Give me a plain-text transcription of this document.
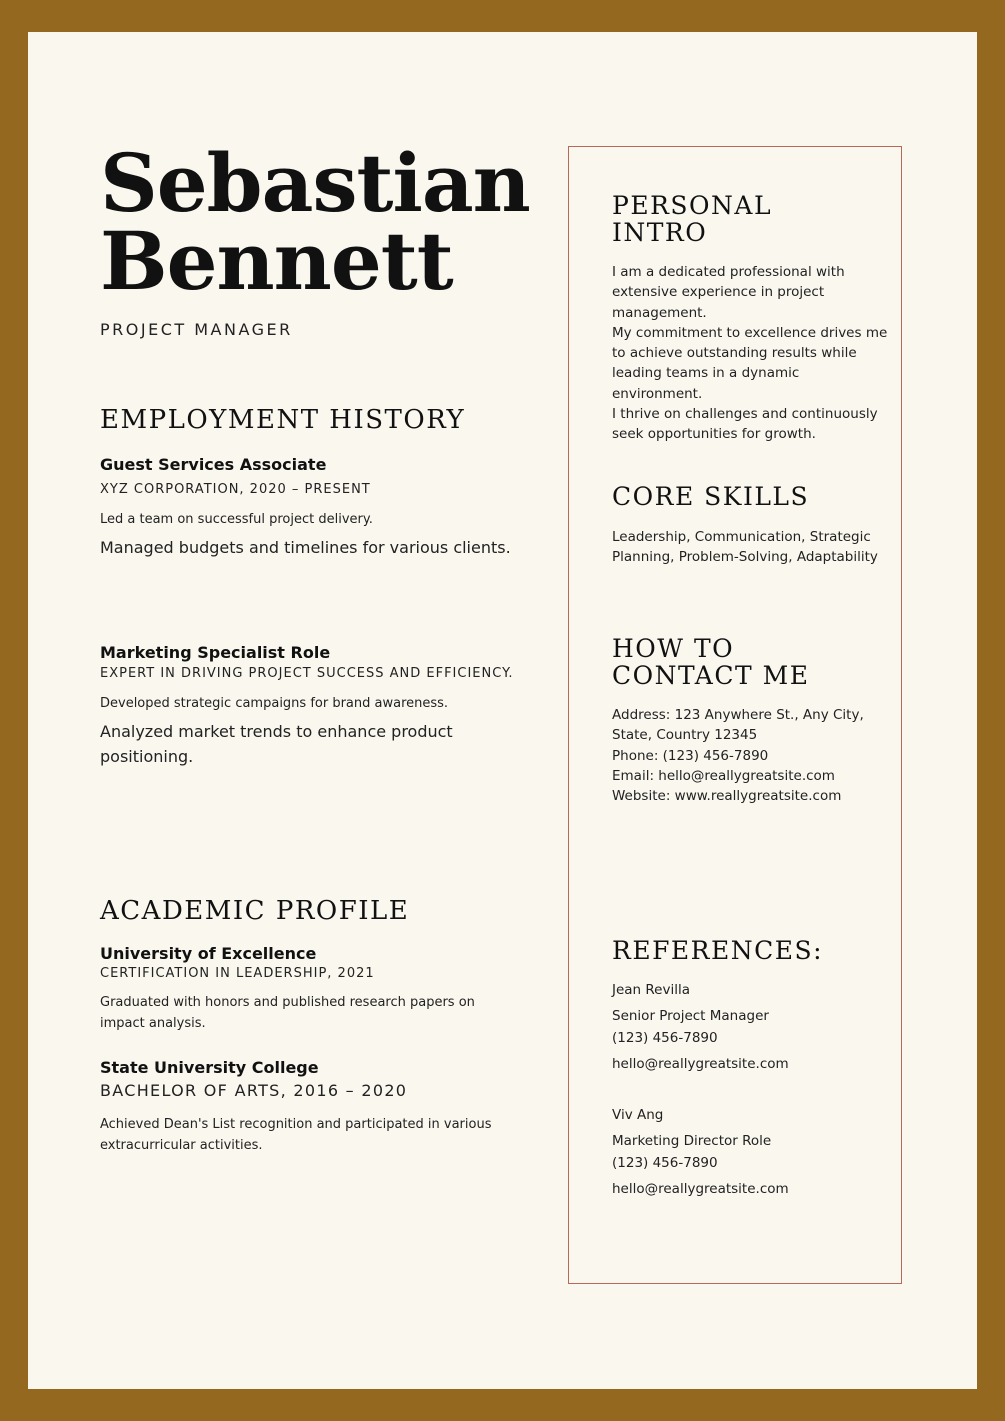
Sebastian
Bennett
PROJECT MANAGER
EMPLOYMENT HISTORY
Guest Services Associate
XYZ CORPORATION, 2020 – PRESENT
Led a team on successful project delivery.
Managed budgets and timelines for various clients.
Marketing Specialist Role
EXPERT IN DRIVING PROJECT SUCCESS AND EFFICIENCY.
Developed strategic campaigns for brand awareness.
Analyzed market trends to enhance product
positioning.
ACADEMIC PROFILE
University of Excellence
CERTIFICATION IN LEADERSHIP, 2021
Graduated with honors and published research papers on
impact analysis.
State University College
BACHELOR OF ARTS, 2016 – 2020
Achieved Dean's List recognition and participated in various
extracurricular activities.
PERSONAL
INTRO
I am a dedicated professional with
extensive experience in project
management.
My commitment to excellence drives me
to achieve outstanding results while
leading teams in a dynamic
environment.
I thrive on challenges and continuously
seek opportunities for growth.
CORE SKILLS
Leadership, Communication, Strategic
Planning, Problem-Solving, Adaptability
HOW TO
CONTACT ME
Address: 123 Anywhere St., Any City,
State, Country 12345
Phone: (123) 456-7890
Email: hello@reallygreatsite.com
Website: www.reallygreatsite.com
REFERENCES:
Jean Revilla
Senior Project Manager
(123) 456-7890
hello@reallygreatsite.com
Viv Ang
Marketing Director Role
(123) 456-7890
hello@reallygreatsite.com
